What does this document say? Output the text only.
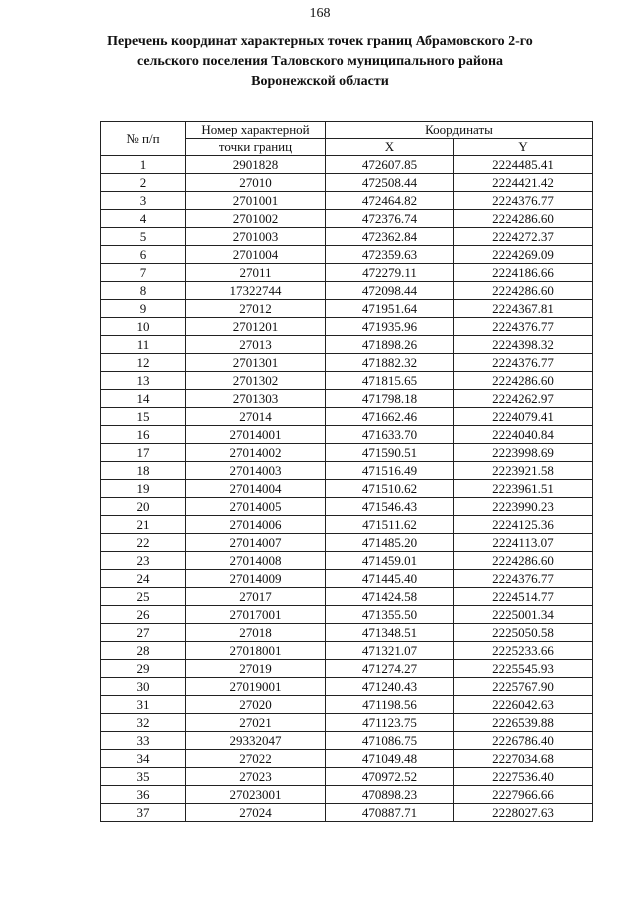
168
Перечень координат характерных точек границ Абрамовского 2-го
сельского поселения Таловского муниципального района
Воронежской области
№ п/п	Номер характерной	Координаты	
	точки границ	X	Y
1	2901828	472607.85	2224485.41
2	27010	472508.44	2224421.42
3	2701001	472464.82	2224376.77
4	2701002	472376.74	2224286.60
5	2701003	472362.84	2224272.37
6	2701004	472359.63	2224269.09
7	27011	472279.11	2224186.66
8	17322744	472098.44	2224286.60
9	27012	471951.64	2224367.81
10	2701201	471935.96	2224376.77
11	27013	471898.26	2224398.32
12	2701301	471882.32	2224376.77
13	2701302	471815.65	2224286.60
14	2701303	471798.18	2224262.97
15	27014	471662.46	2224079.41
16	27014001	471633.70	2224040.84
17	27014002	471590.51	2223998.69
18	27014003	471516.49	2223921.58
19	27014004	471510.62	2223961.51
20	27014005	471546.43	2223990.23
21	27014006	471511.62	2224125.36
22	27014007	471485.20	2224113.07
23	27014008	471459.01	2224286.60
24	27014009	471445.40	2224376.77
25	27017	471424.58	2224514.77
26	27017001	471355.50	2225001.34
27	27018	471348.51	2225050.58
28	27018001	471321.07	2225233.66
29	27019	471274.27	2225545.93
30	27019001	471240.43	2225767.90
31	27020	471198.56	2226042.63
32	27021	471123.75	2226539.88
33	29332047	471086.75	2226786.40
34	27022	471049.48	2227034.68
35	27023	470972.52	2227536.40
36	27023001	470898.23	2227966.66
37	27024	470887.71	2228027.63
